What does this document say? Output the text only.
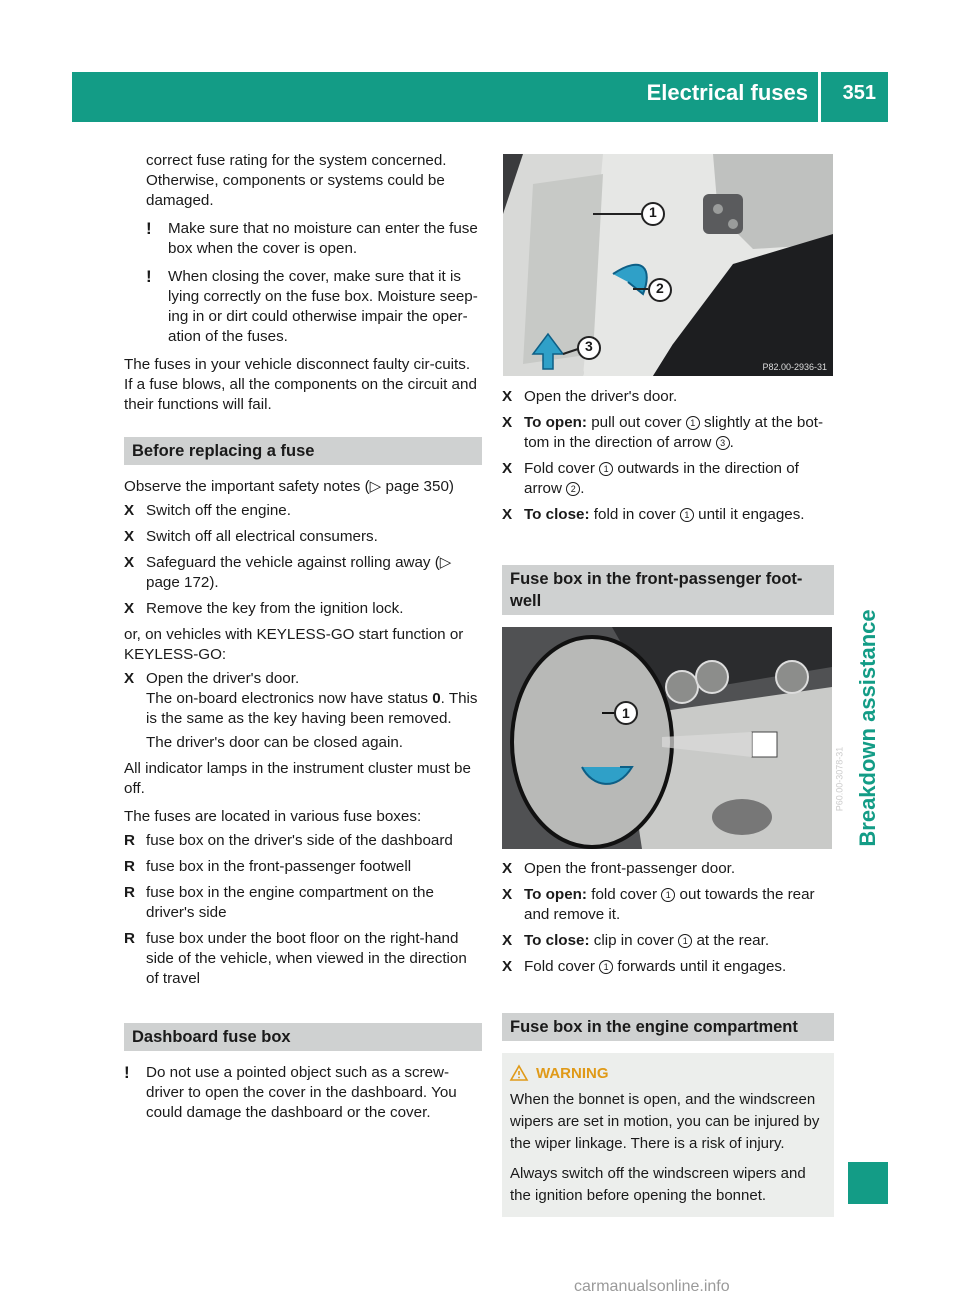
Electrical fuses 351
Breakdown assistance

correct fuse rating for the system concerned. Otherwise, components or systems could be damaged.

! Make sure that no moisture can enter the fuse box when the cover is open.
! When closing the cover, make sure that it is lying correctly on the fuse box. Moisture seep-ing in or dirt could otherwise impair the oper-ation of the fuses.

The fuses in your vehicle disconnect faulty cir-cuits. If a fuse blows, all the components on the circuit and their functions will fail.

Before replacing a fuse

Observe the important safety notes (▷ page 350)

X Switch off the engine.
X Switch off all electrical consumers.
X Safeguard the vehicle against rolling away (▷ page 172).
X Remove the key from the ignition lock.

or, on vehicles with KEYLESS-GO start function or KEYLESS-GO:

X Open the driver's door.
The on-board electronics now have status 0. This is the same as the key having been removed.
The driver's door can be closed again.

All indicator lamps in the instrument cluster must be off.

The fuses are located in various fuse boxes:

R fuse box on the driver's side of the dashboard
R fuse box in the front-passenger footwell
R fuse box in the engine compartment on the driver's side
R fuse box under the boot floor on the right-hand side of the vehicle, when viewed in the direction of travel
Dashboard fuse box
! Do not use a pointed object such as a screw-driver to open the cover in the dashboard. You could damage the dashboard or the cover.
1
2
3
P82.00-2936-31
X Open the driver's door.
X To open: pull out cover 1 slightly at the bot-tom in the direction of arrow 3 .
X Fold cover 1 outwards in the direction of arrow 2 .
X To close: fold in cover 1 until it engages.
Fuse box in the front-passenger foot-well
1
P60.00-3078-31
X Open the front-passenger door.
X To open: fold cover 1 out towards the rear and remove it.
X To close: clip in cover 1 at the rear.
X Fold cover 1 forwards until it engages.
Fuse box in the engine compartment
WARNING
When the bonnet is open, and the windscreen wipers are set in motion, you can be injured by the wiper linkage. There is a risk of injury.
Always switch off the windscreen wipers and the ignition before opening the bonnet.
carmanualsonline.info
